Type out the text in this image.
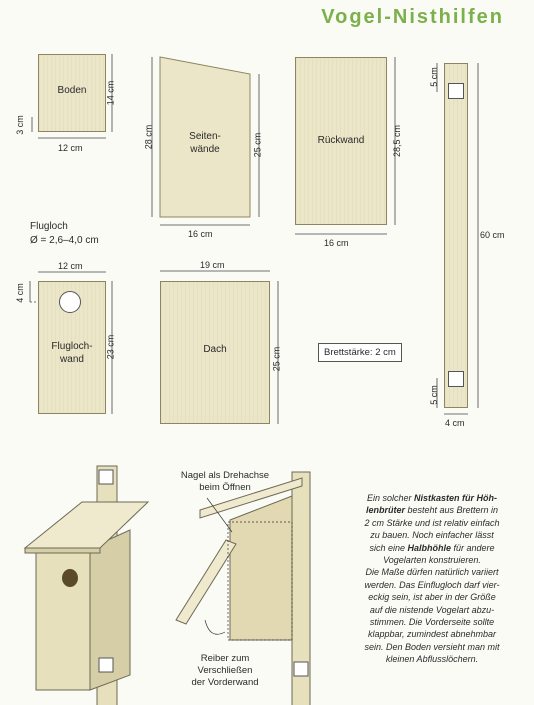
Vogel-Nisthilfen
Boden
12 cm
14 cm
3 cm
Seiten-
wände
16 cm
28 cm	25 cm	Rückwand
16 cm
28,5 cm
5 cm
60 cm
5 cm
4 cm
Flugloch
Ø = 2,6–4,0 cm
Flugloch-
wand
12 cm
4 cm
23 cm	Dach
19 cm
25 cm	Brettstärke: 2 cm
Nagel als Drehachse
beim Öffnen
Reiber zum
Verschließen
der Vorderwand
Ein solcher Nistkasten für Höh-
lenbrüter besteht aus Brettern in
2 cm Stärke und ist relativ einfach
zu bauen. Noch einfacher lässt
sich eine Halbhöhle für andere
Vogelarten konstruieren.
Die Maße dürfen natürlich variiert
werden. Das Einflugloch darf vier-
eckig sein, ist aber in der Größe
auf die nistende Vogelart abzu-
stimmen. Die Vorderseite sollte
klappbar, zumindest abnehmbar
sein. Den Boden versieht man mit
kleinen Abflusslöchern.
